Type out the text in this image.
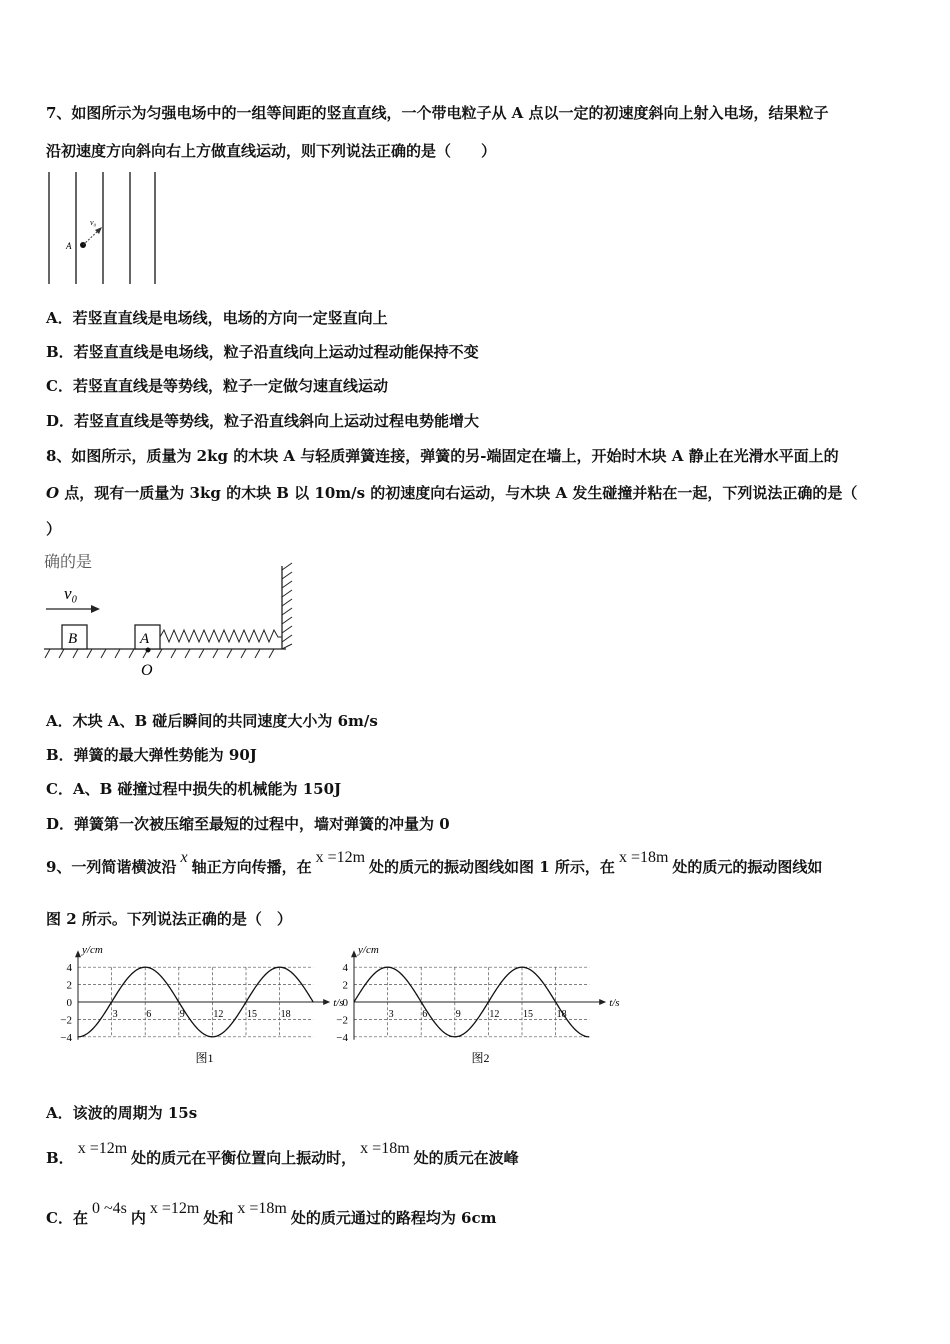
7、如图所示为匀强电场中的一组等间距的竖直直线，一个带电粒子从 A 点以一定的初速度斜向上射入电场，结果粒子
沿初速度方向斜向右上方做直线运动，则下列说法正确的是（　　）
A
v₀
A．若竖直直线是电场线，电场的方向一定竖直向上
B．若竖直直线是电场线，粒子沿直线向上运动过程动能保持不变
C．若竖直直线是等势线，粒子一定做匀速直线运动
D．若竖直直线是等势线，粒子沿直线斜向上运动过程电势能增大
8、如图所示，质量为 2kg 的木块 A 与轻质弹簧连接，弹簧的另-端固定在墙上，开始时木块 A 静止在光滑水平面上的
O 点，现有一质量为 3kg 的木块 B 以 10m/s 的初速度向右运动，与木块 A 发生碰撞并粘在一起，下列说法正确的是（
）
确的是
v₀
B	A
O
A．木块 A、B 碰后瞬间的共同速度大小为 6m/s
B．弹簧的最大弹性势能为 90J
C．A、B 碰撞过程中损失的机械能为 150J
D．弹簧第一次被压缩至最短的过程中，墙对弹簧的冲量为 0
9、一列简谐横波沿x轴正方向传播，在x =12m处的质元的振动图线如图 1 所示，在x =18m处的质元的振动图线如
图 2 所示。下列说法正确的是（　）
y/cm
t/s
4
2
0
−2
−4
3	6	9	12 15 18
图1
y/cm
t/s
4
2
0
−2
−4
3	6	9	12 15 18
图2
A．该波的周期为 15s
B．x =12m处的质元在平衡位置向上振动时，x =18m处的质元在波峰
C．在0 ~4s内x =12m处和x =18m处的质元通过的路程均为 6cm
